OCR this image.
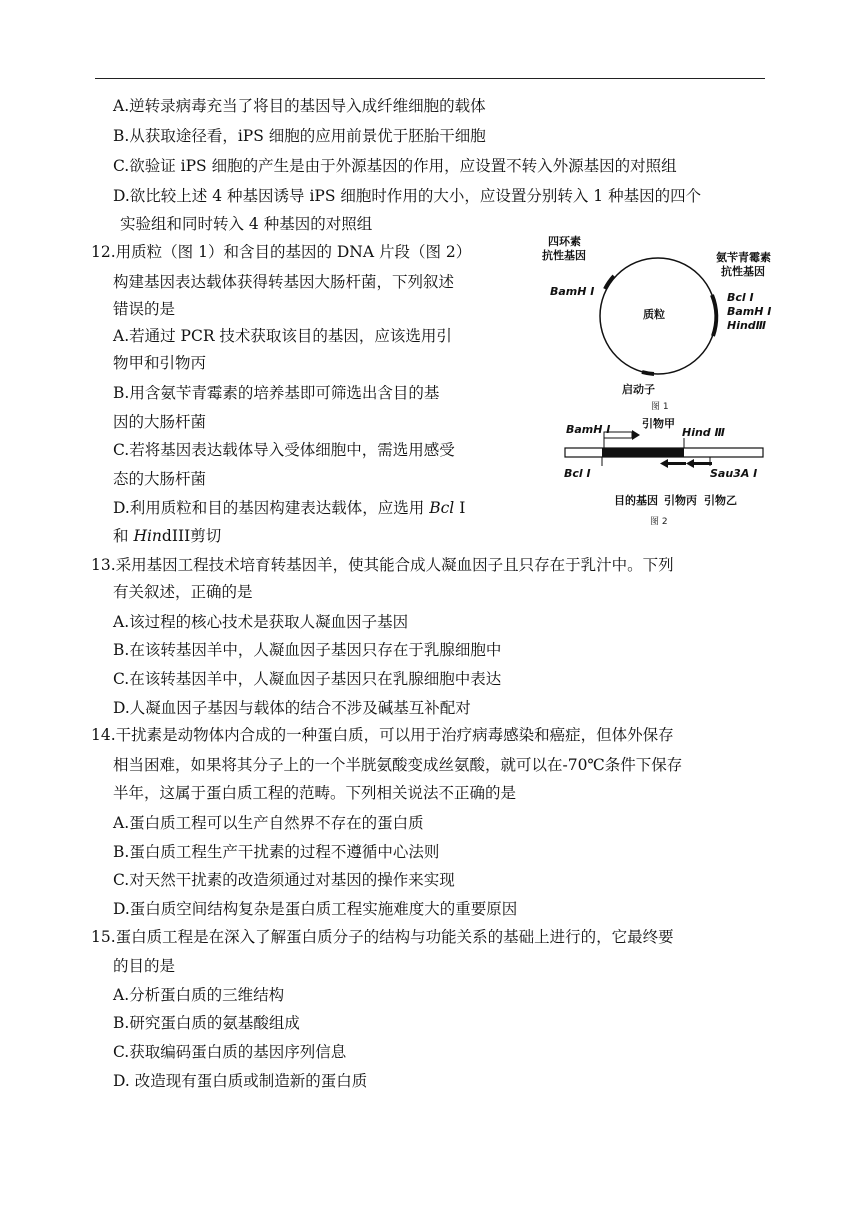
A.逆转录病毒充当了将目的基因导入成纤维细胞的载体
B.从获取途径看，iPS 细胞的应用前景优于胚胎干细胞
C.欲验证 iPS 细胞的产生是由于外源基因的作用，应设置不转入外源基因的对照组
D.欲比较上述 4 种基因诱导 iPS 细胞时作用的大小，应设置分别转入 1 种基因的四个
实验组和同时转入 4 种基因的对照组
12.用质粒（图 1）和含目的基因的 DNA 片段（图 2）
构建基因表达载体获得转基因大肠杆菌，下列叙述
错误的是
A.若通过 PCR 技术获取该目的基因，应该选用引
物甲和引物丙
B.用含氨苄青霉素的培养基即可筛选出含目的基
因的大肠杆菌
C.若将基因表达载体导入受体细胞中，需选用感受
态的大肠杆菌
D.利用质粒和目的基因构建表达载体，应选用 Bcl I
和 HindIII剪切
四环素
抗性基因	氨苄青霉素
抗性基因
BamH I	Bcl I
BamH I
HindⅢ
质粒
启动子
图 1
BamH I	引物甲
Hind Ⅲ
Bcl I	Sau3A I
目的基因 引物丙 引物乙
图 2
13.采用基因工程技术培育转基因羊，使其能合成人凝血因子且只存在于乳汁中。下列
有关叙述，正确的是
A.该过程的核心技术是获取人凝血因子基因
B.在该转基因羊中，人凝血因子基因只存在于乳腺细胞中
C.在该转基因羊中，人凝血因子基因只在乳腺细胞中表达
D.人凝血因子基因与载体的结合不涉及碱基互补配对
14.干扰素是动物体内合成的一种蛋白质，可以用于治疗病毒感染和癌症，但体外保存
相当困难，如果将其分子上的一个半胱氨酸变成丝氨酸，就可以在-70℃条件下保存
半年，这属于蛋白质工程的范畴。下列相关说法不正确的是
A.蛋白质工程可以生产自然界不存在的蛋白质
B.蛋白质工程生产干扰素的过程不遵循中心法则
C.对天然干扰素的改造须通过对基因的操作来实现
D.蛋白质空间结构复杂是蛋白质工程实施难度大的重要原因
15.蛋白质工程是在深入了解蛋白质分子的结构与功能关系的基础上进行的，它最终要
的目的是
A.分析蛋白质的三维结构
B.研究蛋白质的氨基酸组成
C.获取编码蛋白质的基因序列信息
D. 改造现有蛋白质或制造新的蛋白质
